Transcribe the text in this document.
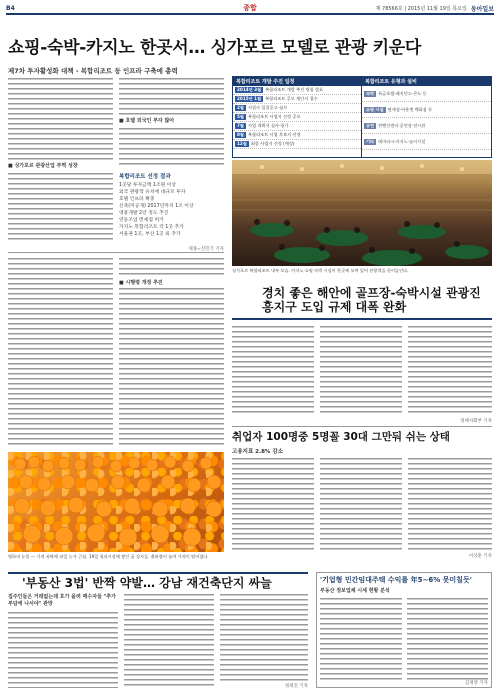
B4	종합	제 78566호 | 2015년 11월 19일 목요일 동아일보
쇼핑-숙박-카지노 한곳서… 싱가포르 모델로 관광 키운다
제7차 투자활성화 대책 - 복합리조트 등 인프라 구축에 총력
■ 싱가포르 관광산업 부쩍 성장
■ 호텔 외국인 부자 많아
복합리조트 선정 결과
1곳당 투자금액 1조원 이상
외국 관광객 유치에 대규모 투자
호텔 인프라 확충
신축(미공개) 2017년까지 1조 이상
영흥개발 2년 정도 추진
연동조업 면세점 허가
카지노 복합리조트 각 1곳 추가
서울권 1곳, 부산 1곳 외 추가
세종=신민기 기자
복합리조트 개발 주진 일정
2014년 3월 복합리조트 개발 추진 방침 발표
2015년 1월 복합리조트 공모 제안서 접수
2월 사업자 입찰공고·심사
5월 복합리조트 사업자 선정 공모
7월 사업 계획서 심사·평가
8월 복합리조트 사업 후보지 선정
12월 최종 사업자 선정 (예정)
복합리조트 유형과 설비
숙박 특급호텔·레지던스·콘도 등
쇼핑 시설 면세점·아웃렛 백화점 등
공연 컨벤션센터·공연장·전시관
기타 테마파크·카지노·놀이시설
싱가포르 복합리조트 내부 모습. 카지노·쇼핑·숙박 시설이 한곳에 모여 있어 관광객을 끌어들인다.
■ 시행령 개정 추진
경치 좋은 해안에 골프장-숙박시설 관광진흥지구 도입 규제 대폭 완화
정책사회부 기자
취업자 100명중 5명꼴 30대 그만둬 쉬는 상태
고용지표 2.8% 감소
이상훈 기자
영하의 눈물 — 가격 폭락에 과일 농가 근심. 19일 청과시장에 쌓인 귤 상자들. 출하량이 늘며 가격이 떨어졌다.
'부동산 3법' 반짝 약발… 강남 재건축단지 싸늘
집주인들은 거래없는데 호가 올려 매수자들 "추가 부담에 나서야" 관망
정세진 기자
'기업형 민간임대주택 수익률 年5~6% 못미칠듯'
부동산 정보업체 시세 현황 분석
김재영 기자
